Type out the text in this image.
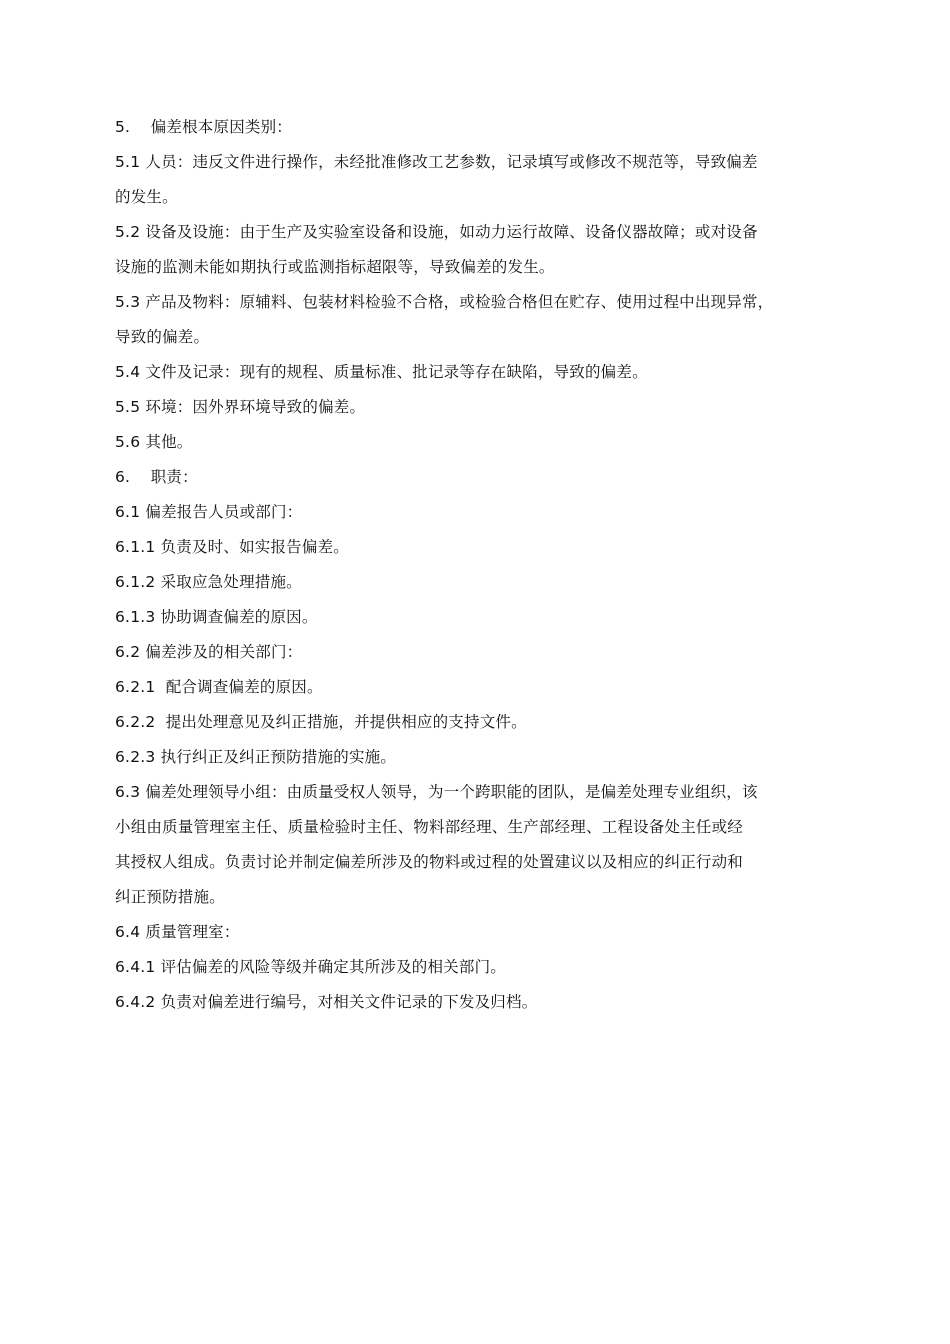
5.    偏差根本原因类别：
5.1 人员：违反文件进行操作，未经批准修改工艺参数，记录填写或修改不规范等，导致偏差
的发生。
5.2 设备及设施：由于生产及实验室设备和设施，如动力运行故障、设备仪器故障；或对设备
设施的监测未能如期执行或监测指标超限等，导致偏差的发生。
5.3 产品及物料：原辅料、包装材料检验不合格，或检验合格但在贮存、使用过程中出现异常，
导致的偏差。
5.4 文件及记录：现有的规程、质量标准、批记录等存在缺陷，导致的偏差。
5.5 环境：因外界环境导致的偏差。
5.6 其他。
6.    职责：
6.1 偏差报告人员或部门：
6.1.1 负责及时、如实报告偏差。
6.1.2 采取应急处理措施。
6.1.3 协助调查偏差的原因。
6.2 偏差涉及的相关部门：
6.2.1  配合调查偏差的原因。
6.2.2  提出处理意见及纠正措施，并提供相应的支持文件。
6.2.3 执行纠正及纠正预防措施的实施。
6.3 偏差处理领导小组：由质量受权人领导，为一个跨职能的团队，是偏差处理专业组织，该
小组由质量管理室主任、质量检验时主任、物料部经理、生产部经理、工程设备处主任或经
其授权人组成。负责讨论并制定偏差所涉及的物料或过程的处置建议以及相应的纠正行动和
纠正预防措施。
6.4 质量管理室：
6.4.1 评估偏差的风险等级并确定其所涉及的相关部门。
6.4.2 负责对偏差进行编号，对相关文件记录的下发及归档。
